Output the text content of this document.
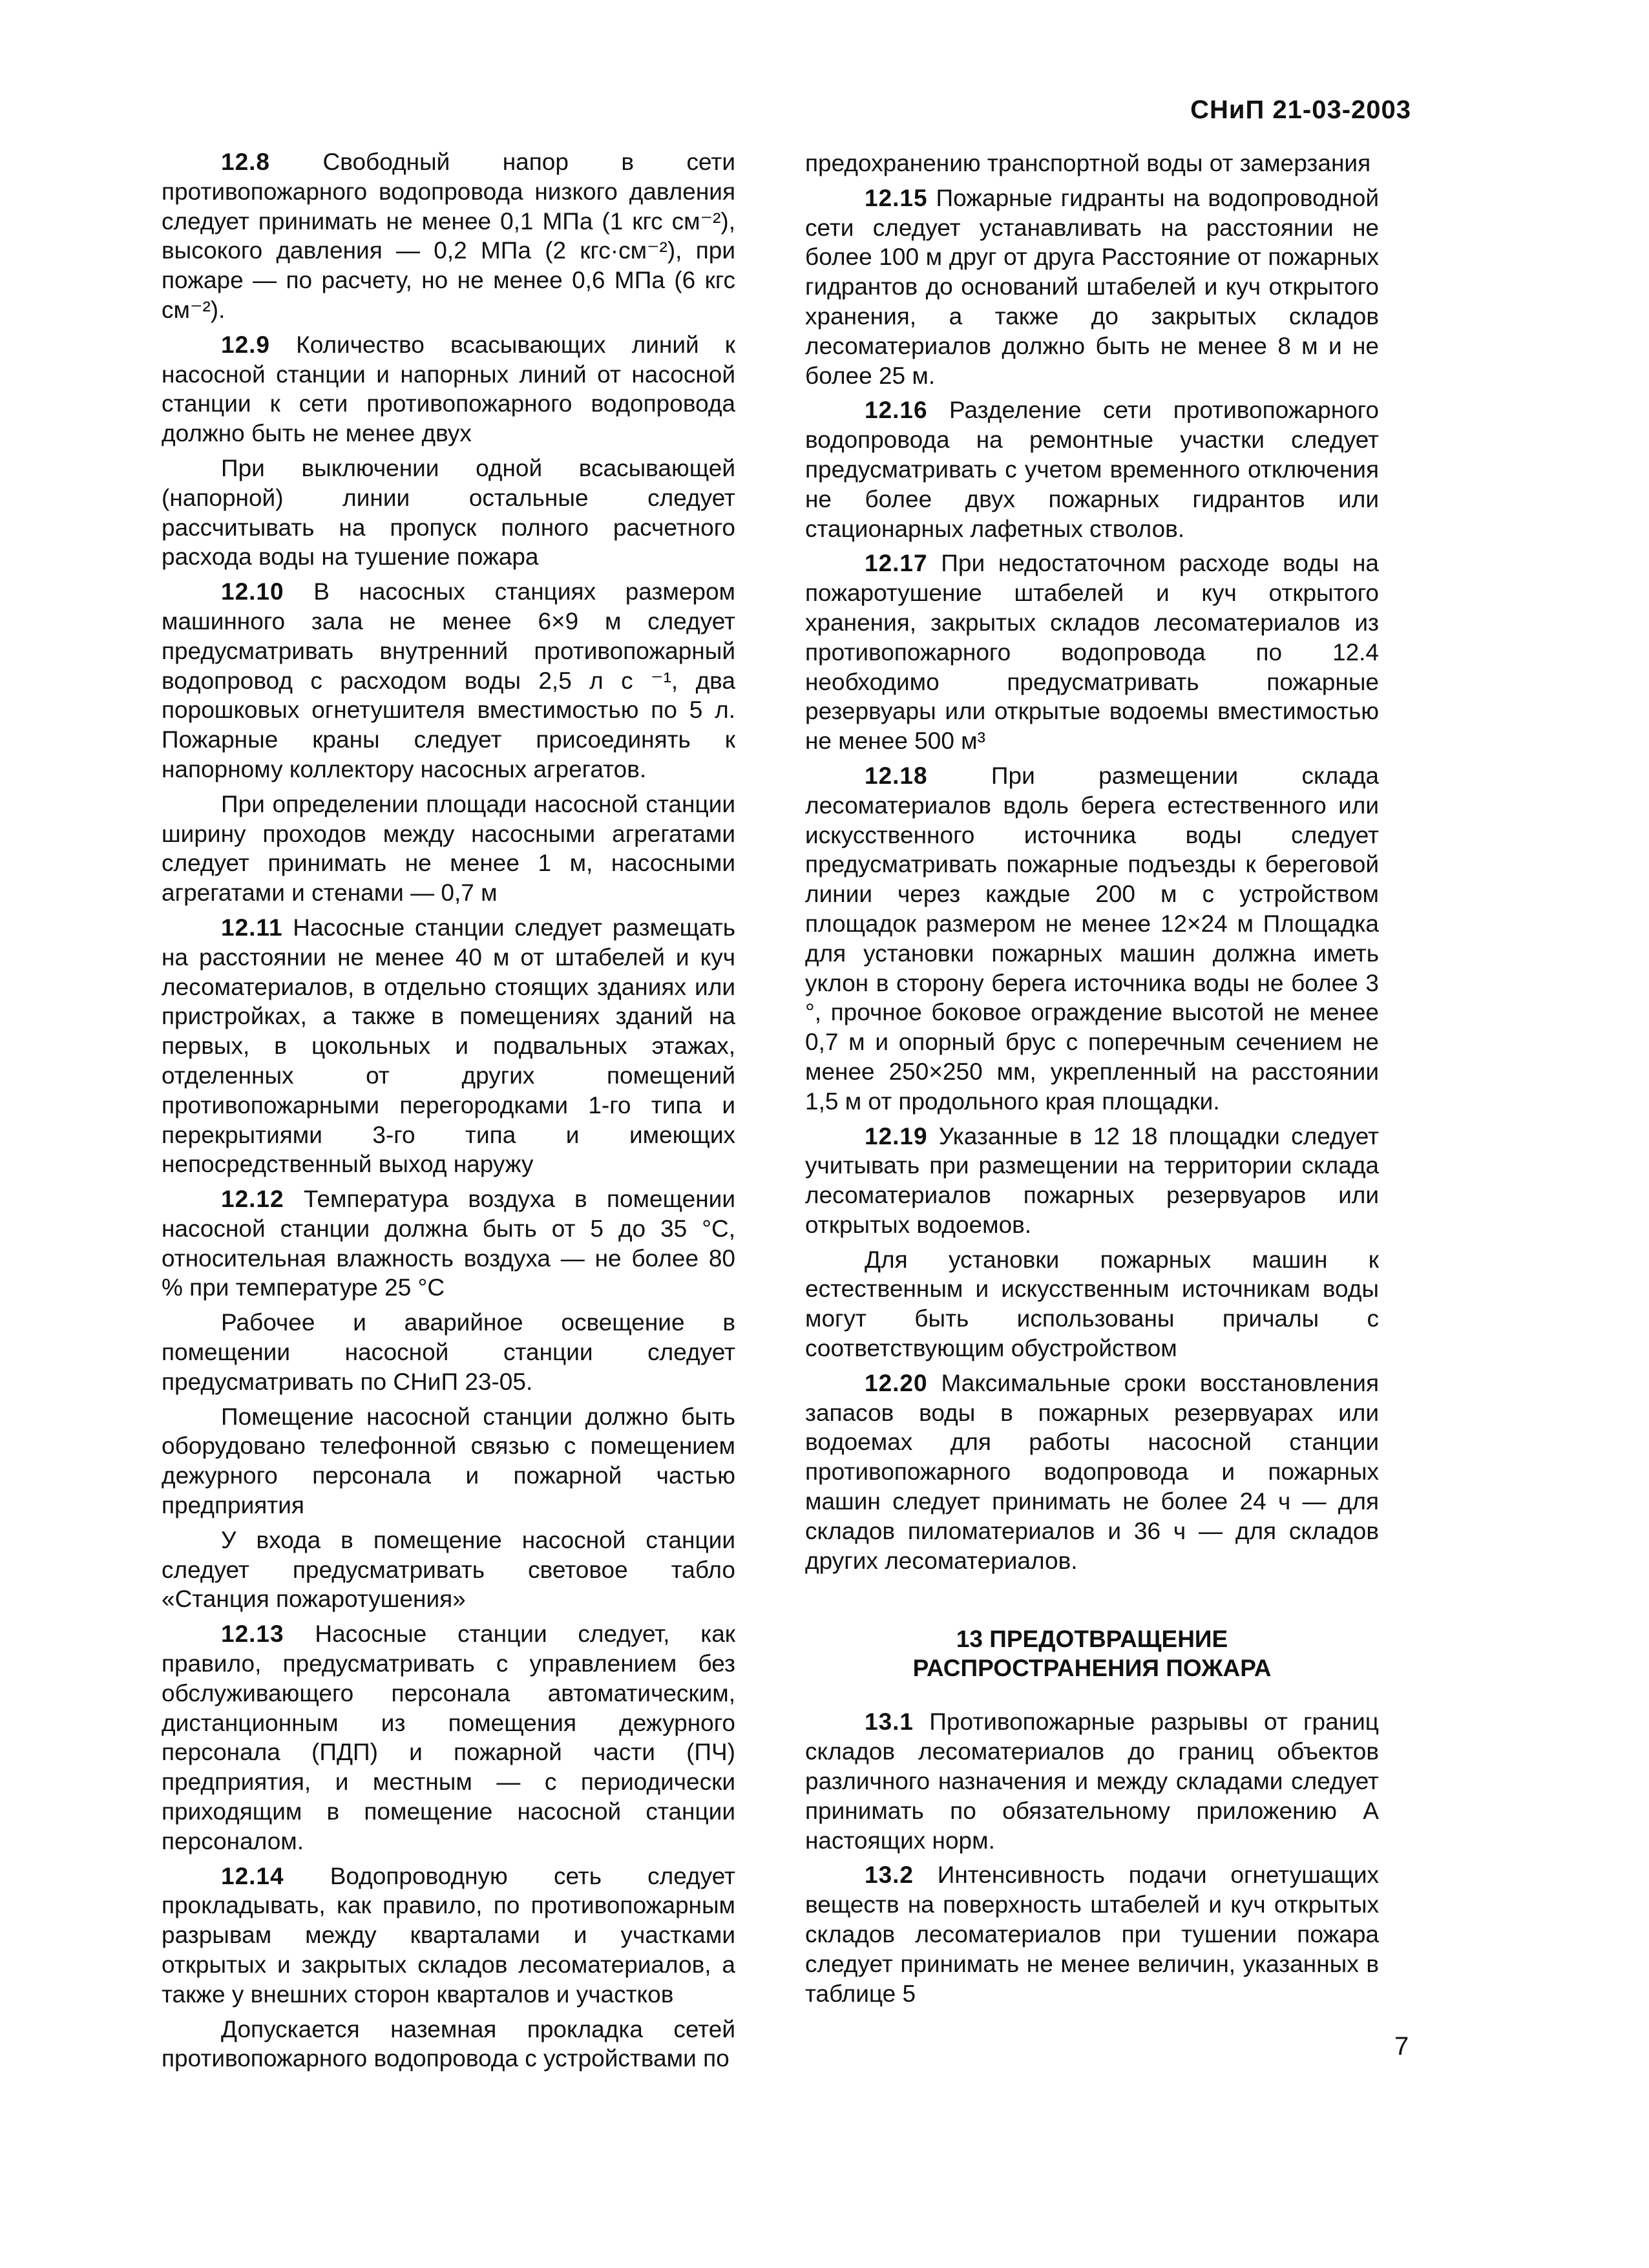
СНиП 21-03-2003

12.8 Свободный напор в сети противопожарного водопровода низкого давления следует принимать не менее 0,1 МПа (1 кгс см⁻²), высокого давления — 0,2 МПа (2 кгс·см⁻²), при пожаре — по расчету, но не менее 0,6 МПа (6 кгс см⁻²).

12.9 Количество всасывающих линий к насосной станции и напорных линий от насосной станции к сети противопожарного водопровода должно быть не менее двух

При выключении одной всасывающей (напорной) линии остальные следует рассчитывать на пропуск полного расчетного расхода воды на тушение пожара

12.10 В насосных станциях размером машинного зала не менее 6×9 м следует предусматривать внутренний противопожарный водопровод с расходом воды 2,5 л с ⁻¹, два порошковых огнетушителя вместимостью по 5 л. Пожарные краны следует присоединять к напорному коллектору насосных агрегатов.

При определении площади насосной станции ширину проходов между насосными агрегатами следует принимать не менее 1 м, насосными агрегатами и стенами — 0,7 м

12.11 Насосные станции следует размещать на расстоянии не менее 40 м от штабелей и куч лесоматериалов, в отдельно стоящих зданиях или пристройках, а также в помещениях зданий на первых, в цокольных и подвальных этажах, отделенных от других помещений противопожарными перегородками 1-го типа и перекрытиями 3-го типа и имеющих непосредственный выход наружу

12.12 Температура воздуха в помещении насосной станции должна быть от 5 до 35 °С, относительная влажность воздуха — не более 80 % при температуре 25 °С

Рабочее и аварийное освещение в помещении насосной станции следует предусматривать по СНиП 23-05.

Помещение насосной станции должно быть оборудовано телефонной связью с помещением дежурного персонала и пожарной частью предприятия

У входа в помещение насосной станции следует предусматривать световое табло «Станция пожаротушения»

12.13 Насосные станции следует, как правило, предусматривать с управлением без обслуживающего персонала автоматическим, дистанционным из помещения дежурного персонала (ПДП) и пожарной части (ПЧ) предприятия, и местным — с периодически приходящим в помещение насосной станции персоналом.

12.14 Водопроводную сеть следует прокладывать, как правило, по противопожарным разрывам между кварталами и участками открытых и закрытых складов лесоматериалов, а также у внешних сторон кварталов и участков

Допускается наземная прокладка сетей противопожарного водопровода с устройствами по

предохранению транспортной воды от замерзания

12.15 Пожарные гидранты на водопроводной сети следует устанавливать на расстоянии не более 100 м друг от друга Расстояние от пожарных гидрантов до оснований штабелей и куч открытого хранения, а также до закрытых складов лесоматериалов должно быть не менее 8 м и не более 25 м.

12.16 Разделение сети противопожарного водопровода на ремонтные участки следует предусматривать с учетом временного отключения не более двух пожарных гидрантов или стационарных лафетных стволов.

12.17 При недостаточном расходе воды на пожаротушение штабелей и куч открытого хранения, закрытых складов лесоматериалов из противопожарного водопровода по 12.4 необходимо предусматривать пожарные резервуары или открытые водоемы вместимостью не менее 500 м³

12.18 При размещении склада лесоматериалов вдоль берега естественного или искусственного источника воды следует предусматривать пожарные подъезды к береговой линии через каждые 200 м с устройством площадок размером не менее 12×24 м Площадка для установки пожарных машин должна иметь уклон в сторону берега источника воды не более 3 °, прочное боковое ограждение высотой не менее 0,7 м и опорный брус с поперечным сечением не менее 250×250 мм, укрепленный на расстоянии 1,5 м от продольного края площадки.

12.19 Указанные в 12 18 площадки следует учитывать при размещении на территории склада лесоматериалов пожарных резервуаров или открытых водоемов.

Для установки пожарных машин к естественным и искусственным источникам воды могут быть использованы причалы с соответствующим обустройством

12.20 Максимальные сроки восстановления запасов воды в пожарных резервуарах или водоемах для работы насосной станции противопожарного водопровода и пожарных машин следует принимать не более 24 ч — для складов пиломатериалов и 36 ч — для складов других лесоматериалов.

13 ПРЕДОТВРАЩЕНИЕ
РАСПРОСТРАНЕНИЯ ПОЖАРА

13.1 Противопожарные разрывы от границ складов лесоматериалов до границ объектов различного назначения и между складами следует принимать по обязательному приложению А настоящих норм.

13.2 Интенсивность подачи огнетушащих веществ на поверхность штабелей и куч открытых складов лесоматериалов при тушении пожара следует принимать не менее величин, указанных в таблице 5

7
